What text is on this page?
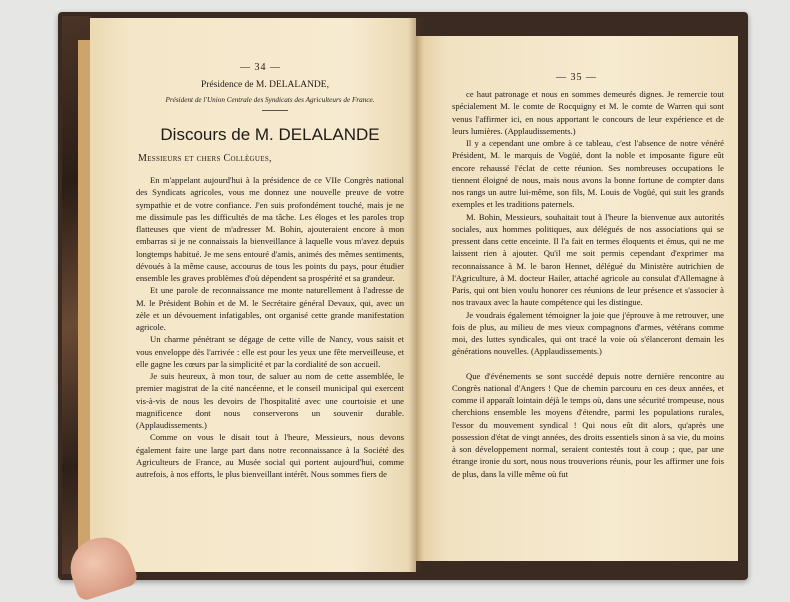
— 34 —
Présidence de M. DELALANDE,
Président de l'Union Centrale des Syndicats des Agriculteurs de France.
Discours de M. DELALANDE
Messieurs et chers Collègues,

En m'appelant aujourd'hui à la présidence de ce VIIe Congrès national des Syndicats agricoles, vous me donnez une nouvelle preuve de votre sympathie et de votre confiance. J'en suis profondément touché, mais je ne me dissimule pas les difficultés de ma tâche. Les éloges et les paroles trop flatteuses que vient de m'adresser M. Bohin, ajouteraient encore à mon embarras si je ne connaissais la bienveillance à laquelle vous m'avez depuis longtemps habitué. Je me sens entouré d'amis, animés des mêmes sentiments, dévoués à la même cause, accourus de tous les points du pays, pour étudier ensemble les graves problèmes d'où dépendent sa prospérité et sa grandeur.

Et une parole de reconnaissance me monte naturellement à l'adresse de M. le Président Bohin et de M. le Secrétaire général Devaux, qui, avec un zèle et un dévouement infatigables, ont organisé cette grande manifestation agricole.

Un charme pénétrant se dégage de cette ville de Nancy, vous saisit et vous enveloppe dès l'arrivée : elle est pour les yeux une fête merveilleuse, et elle gagne les cœurs par la simplicité et par la cordialité de son accueil.

Je suis heureux, à mon tour, de saluer au nom de cette assemblée, le premier magistrat de la cité nancéenne, et le conseil municipal qui exercent vis-à-vis de nous les devoirs de l'hospitalité avec une courtoisie et une magnificence dont nous conserverons un souvenir durable. (Applaudissements.)

Comme on vous le disait tout à l'heure, Messieurs, nous devons également faire une large part dans notre reconnaissance à la Société des Agriculteurs de France, au Musée social qui portent aujourd'hui, comme autrefois, à nos efforts, le plus bienveillant intérêt. Nous sommes fiers de

— 35 —

ce haut patronage et nous en sommes demeurés dignes. Je remercie tout spécialement M. le comte de Rocquigny et M. le comte de Warren qui sont venus l'affirmer ici, en nous apportant le concours de leur expérience et de leurs lumières. (Applaudissements.)

Il y a cependant une ombre à ce tableau, c'est l'absence de notre vénéré Président, M. le marquis de Vogüé, dont la noble et imposante figure eût encore rehaussé l'éclat de cette réunion. Ses nombreuses occupations le tiennent éloigné de nous, mais nous avons la bonne fortune de compter dans nos rangs un autre lui-même, son fils, M. Louis de Vogüé, qui suit les grands exemples et les traditions paternels.

M. Bohin, Messieurs, souhaitait tout à l'heure la bienvenue aux autorités sociales, aux hommes politiques, aux délégués de nos associations qui se pressent dans cette enceinte. Il l'a fait en termes éloquents et émus, qui ne me laissent rien à ajouter. Qu'il me soit permis cependant d'exprimer ma reconnaissance à M. le baron Hennet, délégué du Ministère autrichien de l'Agriculture, à M. docteur Hailer, attaché agricole au consulat d'Allemagne à Paris, qui ont bien voulu honorer ces réunions de leur présence et s'associer à nos travaux avec la haute compétence qui les distingue.

Je voudrais également témoigner la joie que j'éprouve à me retrouver, une fois de plus, au milieu de mes vieux compagnons d'armes, vétérans comme moi, des luttes syndicales, qui ont tracé la voie où s'élanceront demain les générations nouvelles. (Applaudissements.)

Que d'événements se sont succédé depuis notre dernière rencontre au Congrès national d'Angers ! Que de chemin parcouru en ces deux années, et comme il apparaît lointain déjà le temps où, dans une sécurité trompeuse, nous cherchions ensemble les moyens d'étendre, parmi les populations rurales, l'essor du mouvement syndical ! Qui nous eût dit alors, qu'après une possession d'état de vingt années, des droits essentiels sinon à sa vie, du moins à son développement normal, seraient contestés tout à coup ; que, par une étrange ironie du sort, nous nous trouverions réunis, pour les affirmer une fois de plus, dans la ville même où fut
